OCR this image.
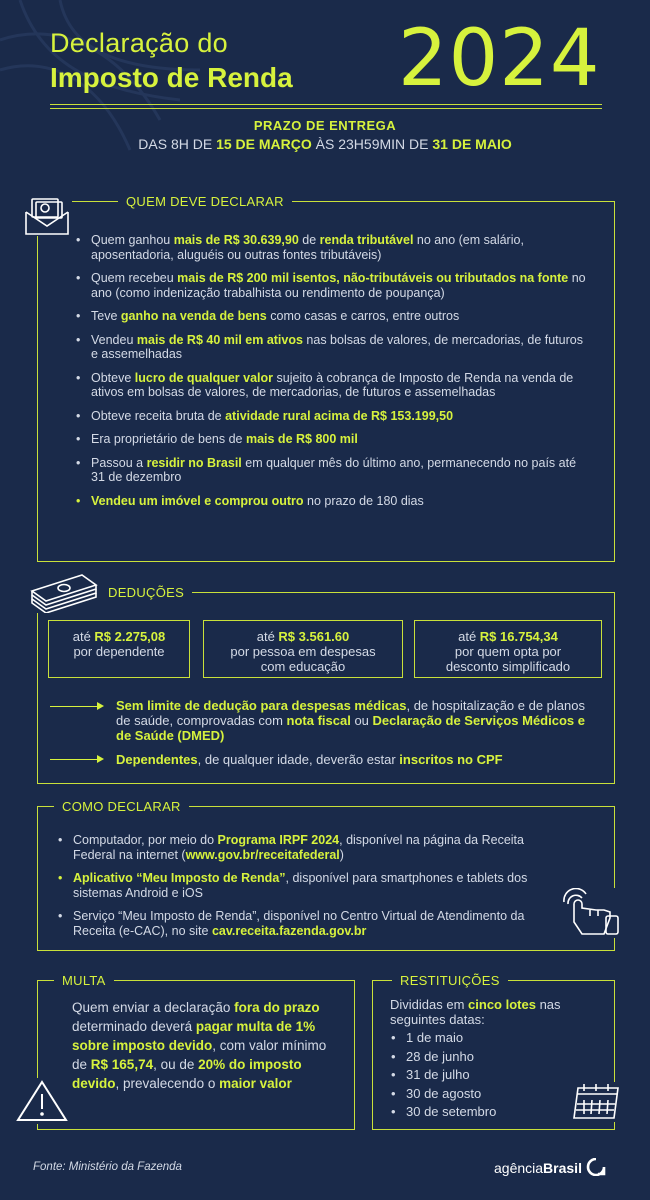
Declaração do
Imposto de Renda 2024
PRAZO DE ENTREGA
DAS 8H DE 15 DE MARÇO ÀS 23H59MIN DE 31 DE MAIO
QUEM DEVE DECLARAR
• Quem ganhou mais de R$ 30.639,90 de renda tributável no ano (em salário, aposentadoria, aluguéis ou outras fontes tributáveis)
• Quem recebeu mais de R$ 200 mil isentos, não-tributáveis ou tributados na fonte no ano (como indenização trabalhista ou rendimento de poupança)
• Teve ganho na venda de bens como casas e carros, entre outros
• Vendeu mais de R$ 40 mil em ativos nas bolsas de valores, de mercadorias, de futuros e assemelhadas
• Obteve lucro de qualquer valor sujeito à cobrança de Imposto de Renda na venda de ativos em bolsas de valores, de mercadorias, de futuros e assemelhadas
• Obteve receita bruta de atividade rural acima de R$ 153.199,50
• Era proprietário de bens de mais de R$ 800 mil
• Passou a residir no Brasil em qualquer mês do último ano, permanecendo no país até 31 de dezembro
• Vendeu um imóvel e comprou outro no prazo de 180 dias
DEDUÇÕES
até R$ 2.275,08
por dependente
até R$ 3.561.60
por pessoa em despesas com educação
até R$ 16.754,34
por quem opta por desconto simplificado
Sem limite de dedução para despesas médicas, de hospitalização e de planos de saúde, comprovadas com nota fiscal ou Declaração de Serviços Médicos e de Saúde (DMED)
Dependentes, de qualquer idade, deverão estar inscritos no CPF
COMO DECLARAR
• Computador, por meio do Programa IRPF 2024, disponível na página da Receita Federal na internet (www.gov.br/receitafederal)
• Aplicativo “Meu Imposto de Renda”, disponível para smartphones e tablets dos sistemas Android e iOS
• Serviço “Meu Imposto de Renda”, disponível no Centro Virtual de Atendimento da Receita (e-CAC), no site cav.receita.fazenda.gov.br
MULTA
Quem enviar a declaração fora do prazo determinado deverá pagar multa de 1% sobre imposto devido, com valor mínimo de R$ 165,74, ou de 20% do imposto devido, prevalecendo o maior valor
RESTITUIÇÕES
Divididas em cinco lotes nas seguintes datas:
• 1 de maio
• 28 de junho
• 31 de julho
• 30 de agosto
• 30 de setembro
Fonte: Ministério da Fazenda	agênciaBrasil
